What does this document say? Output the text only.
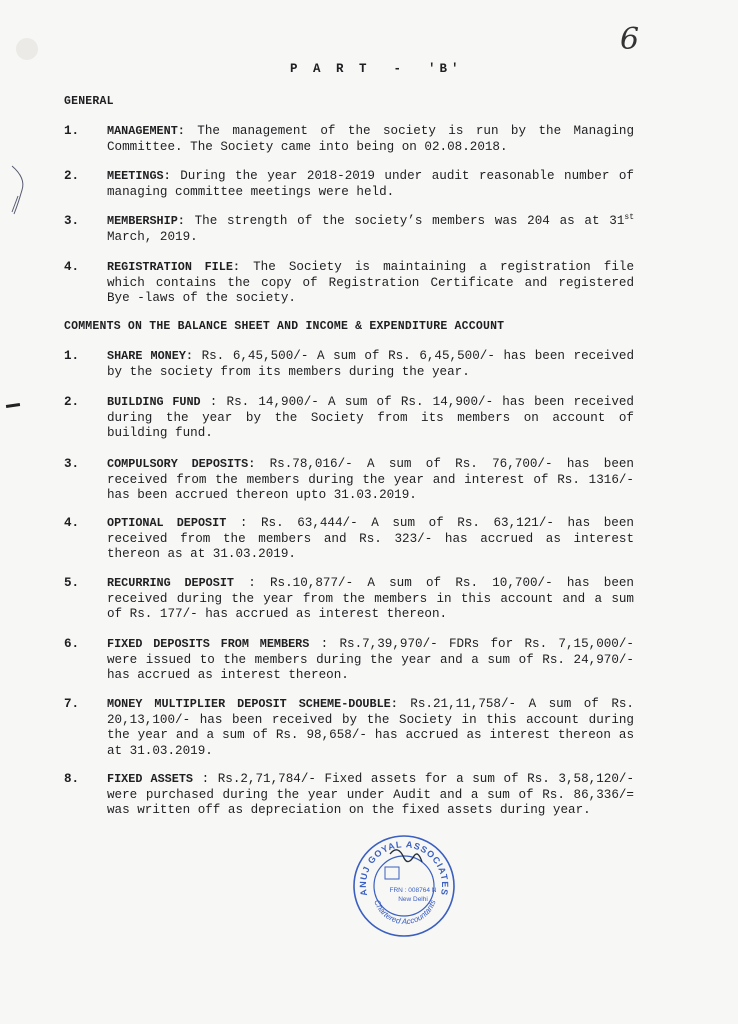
6
P A R T  -  'B'
GENERAL
1. MANAGEMENT: The management of the society is run by the Managing Committee. The Society came into being on 02.08.2018.
2. MEETINGS: During the year 2018-2019 under audit reasonable number of managing committee meetings were held.
3. MEMBERSHIP: The strength of the society’s members was 204 as at 31st March, 2019.
4. REGISTRATION FILE: The Society is maintaining a registration file which contains the copy of Registration Certificate and registered Bye -laws of the society.
COMMENTS ON THE BALANCE SHEET AND INCOME & EXPENDITURE ACCOUNT
1. SHARE MONEY: Rs. 6,45,500/- A sum of Rs. 6,45,500/- has been received by the society from its members during the year.
2. BUILDING FUND : Rs. 14,900/- A sum of Rs. 14,900/- has been received during the year by the Society from its members on account of building fund.
3. COMPULSORY DEPOSITS: Rs.78,016/- A sum of Rs. 76,700/- has been received from the members during the year and interest of Rs. 1316/- has been accrued thereon upto 31.03.2019.
4. OPTIONAL DEPOSIT : Rs. 63,444/- A sum of Rs. 63,121/- has been received from the members and Rs. 323/- has accrued as interest thereon as at 31.03.2019.
5. RECURRING DEPOSIT : Rs.10,877/- A sum of Rs. 10,700/- has been received during the year from the members in this account and a sum of Rs. 177/- has accrued as interest thereon.
6. FIXED DEPOSITS FROM MEMBERS : Rs.7,39,970/- FDRs for Rs. 7,15,000/- were issued to the members during the year and a sum of Rs. 24,970/- has accrued as interest thereon.
7. MONEY MULTIPLIER DEPOSIT SCHEME-DOUBLE: Rs.21,11,758/- A sum of Rs. 20,13,100/- has been received by the Society in this account during the year and a sum of Rs. 98,658/- has accrued as interest thereon as at 31.03.2019.
8. FIXED ASSETS : Rs.2,71,784/- Fixed assets for a sum of Rs. 3,58,120/- were purchased during the year under Audit and a sum of Rs. 86,336/= was written off as depreciation on the fixed assets during year.
ANUJ GOYAL ASSOCIATES
Chartered Accountants
FRN : 008764 N
New Delhi
